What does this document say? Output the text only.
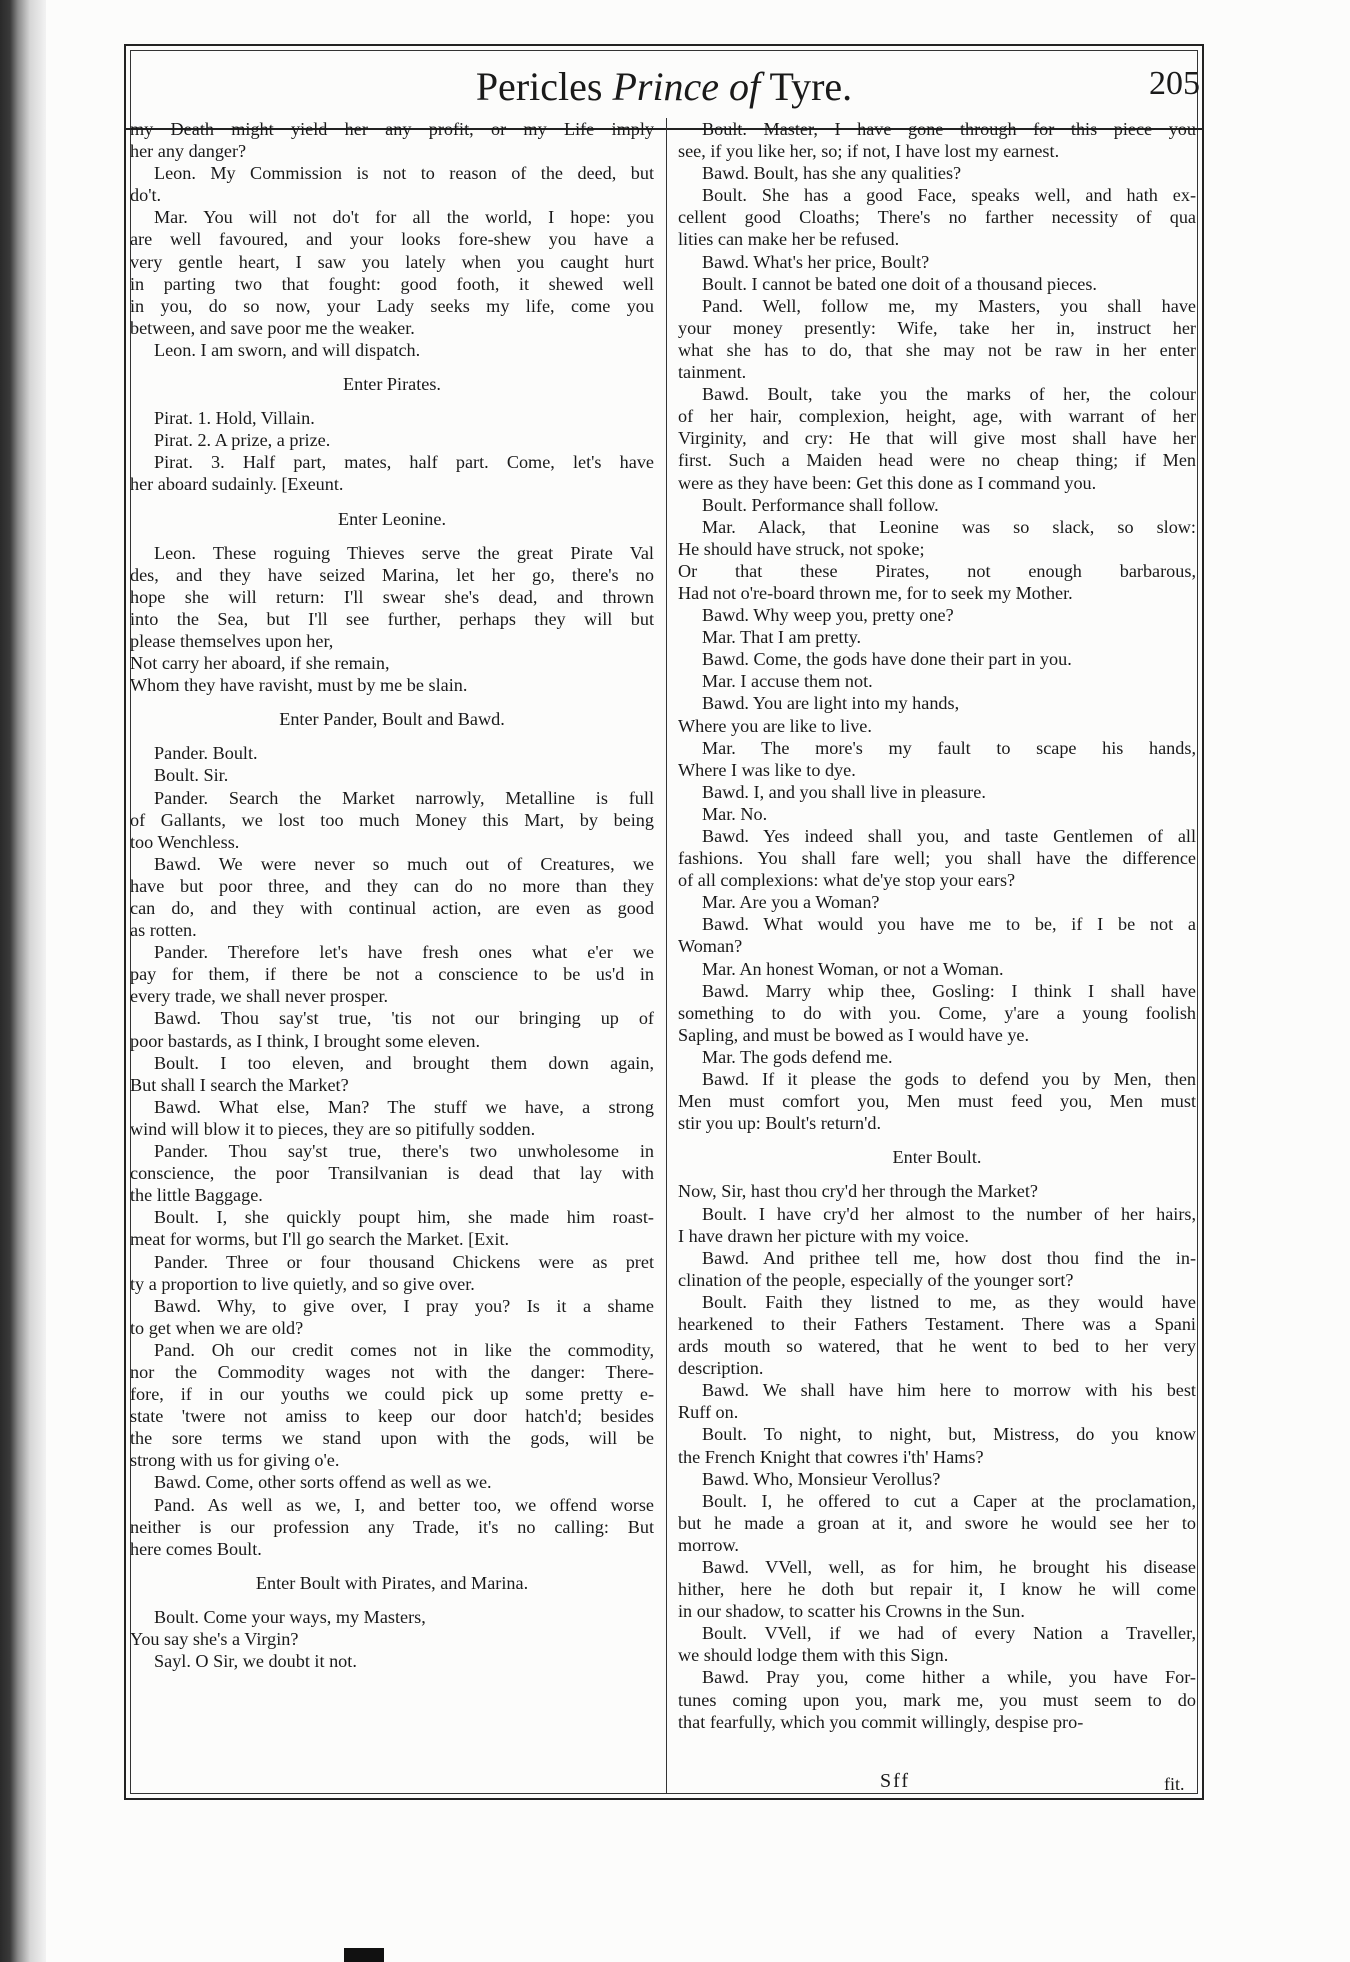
Pericles Prince of Tyre.	205
my Death might yield her any profit, or my Life imply
her any danger?
Leon. My Commission is not to reason of the deed, but
do't.
Mar. You will not do't for all the world, I hope: you
are well favoured, and your looks fore-shew you have a
very gentle heart, I saw you lately when you caught hurt
in parting two that fought: good footh, it shewed well
in you, do so now, your Lady seeks my life, come you
between, and save poor me the weaker.
Leon. I am sworn, and will dispatch.
Enter Pirates.
Pirat. 1. Hold, Villain.
Pirat. 2. A prize, a prize.
Pirat. 3. Half part, mates, half part. Come, let's have
her aboard sudainly. [Exeunt.
Enter Leonine.
Leon. These roguing Thieves serve the great Pirate Val
des, and they have seized Marina, let her go, there's no
hope she will return: I'll swear she's dead, and thrown
into the Sea, but I'll see further, perhaps they will but
please themselves upon her,
Not carry her aboard, if she remain,
Whom they have ravisht, must by me be slain.
Enter Pander, Boult and Bawd.
Pander. Boult.
Boult. Sir.
Pander. Search the Market narrowly, Metalline is full
of Gallants, we lost too much Money this Mart, by being
too Wenchless.
Bawd. We were never so much out of Creatures, we
have but poor three, and they can do no more than they
can do, and they with continual action, are even as good
as rotten.
Pander. Therefore let's have fresh ones what e'er we
pay for them, if there be not a conscience to be us'd in
every trade, we shall never prosper.
Bawd. Thou say'st true, 'tis not our bringing up of
poor bastards, as I think, I brought some eleven.
Boult. I too eleven, and brought them down again,
But shall I search the Market?
Bawd. What else, Man? The stuff we have, a strong
wind will blow it to pieces, they are so pitifully sodden.
Pander. Thou say'st true, there's two unwholesome in
conscience, the poor Transilvanian is dead that lay with
the little Baggage.
Boult. I, she quickly poupt him, she made him roast-
meat for worms, but I'll go search the Market. [Exit.
Pander. Three or four thousand Chickens were as pret
ty a proportion to live quietly, and so give over.
Bawd. Why, to give over, I pray you? Is it a shame
to get when we are old?
Pand. Oh our credit comes not in like the commodity,
nor the Commodity wages not with the danger: There-
fore, if in our youths we could pick up some pretty e-
state 'twere not amiss to keep our door hatch'd; besides
the sore terms we stand upon with the gods, will be
strong with us for giving o'e.
Bawd. Come, other sorts offend as well as we.
Pand. As well as we, I, and better too, we offend worse
neither is our profession any Trade, it's no calling: But
here comes Boult.
Enter Boult with Pirates, and Marina.
Boult. Come your ways, my Masters,
You say she's a Virgin?
Sayl. O Sir, we doubt it not.
Boult. Master, I have gone through for this piece you
see, if you like her, so; if not, I have lost my earnest.
Bawd. Boult, has she any qualities?
Boult. She has a good Face, speaks well, and hath ex-
cellent good Cloaths; There's no farther necessity of qua
lities can make her be refused.
Bawd. What's her price, Boult?
Boult. I cannot be bated one doit of a thousand pieces.
Pand. Well, follow me, my Masters, you shall have
your money presently: Wife, take her in, instruct her
what she has to do, that she may not be raw in her enter
tainment.
Bawd. Boult, take you the marks of her, the colour
of her hair, complexion, height, age, with warrant of her
Virginity, and cry: He that will give most shall have her
first. Such a Maiden head were no cheap thing; if Men
were as they have been: Get this done as I command you.
Boult. Performance shall follow.
Mar. Alack, that Leonine was so slack, so slow:
He should have struck, not spoke;
Or that these Pirates, not enough barbarous,
Had not o're-board thrown me, for to seek my Mother.
Bawd. Why weep you, pretty one?
Mar. That I am pretty.
Bawd. Come, the gods have done their part in you.
Mar. I accuse them not.
Bawd. You are light into my hands,
Where you are like to live.
Mar. The more's my fault to scape his hands,
Where I was like to dye.
Bawd. I, and you shall live in pleasure.
Mar. No.
Bawd. Yes indeed shall you, and taste Gentlemen of all
fashions. You shall fare well; you shall have the difference
of all complexions: what de'ye stop your ears?
Mar. Are you a Woman?
Bawd. What would you have me to be, if I be not a
Woman?
Mar. An honest Woman, or not a Woman.
Bawd. Marry whip thee, Gosling: I think I shall have
something to do with you. Come, y'are a young foolish
Sapling, and must be bowed as I would have ye.
Mar. The gods defend me.
Bawd. If it please the gods to defend you by Men, then
Men must comfort you, Men must feed you, Men must
stir you up: Boult's return'd.
Enter Boult.
Now, Sir, hast thou cry'd her through the Market?
Boult. I have cry'd her almost to the number of her hairs,
I have drawn her picture with my voice.
Bawd. And prithee tell me, how dost thou find the in-
clination of the people, especially of the younger sort?
Boult. Faith they listned to me, as they would have
hearkened to their Fathers Testament. There was a Spani
ards mouth so watered, that he went to bed to her very
description.
Bawd. We shall have him here to morrow with his best
Ruff on.
Boult. To night, to night, but, Mistress, do you know
the French Knight that cowres i'th' Hams?
Bawd. Who, Monsieur Verollus?
Boult. I, he offered to cut a Caper at the proclamation,
but he made a groan at it, and swore he would see her to
morrow.
Bawd. VVell, well, as for him, he brought his disease
hither, here he doth but repair it, I know he will come
in our shadow, to scatter his Crowns in the Sun.
Boult. VVell, if we had of every Nation a Traveller,
we should lodge them with this Sign.
Bawd. Pray you, come hither a while, you have For-
tunes coming upon you, mark me, you must seem to do
that fearfully, which you commit willingly, despise pro-
Sff	fit.
